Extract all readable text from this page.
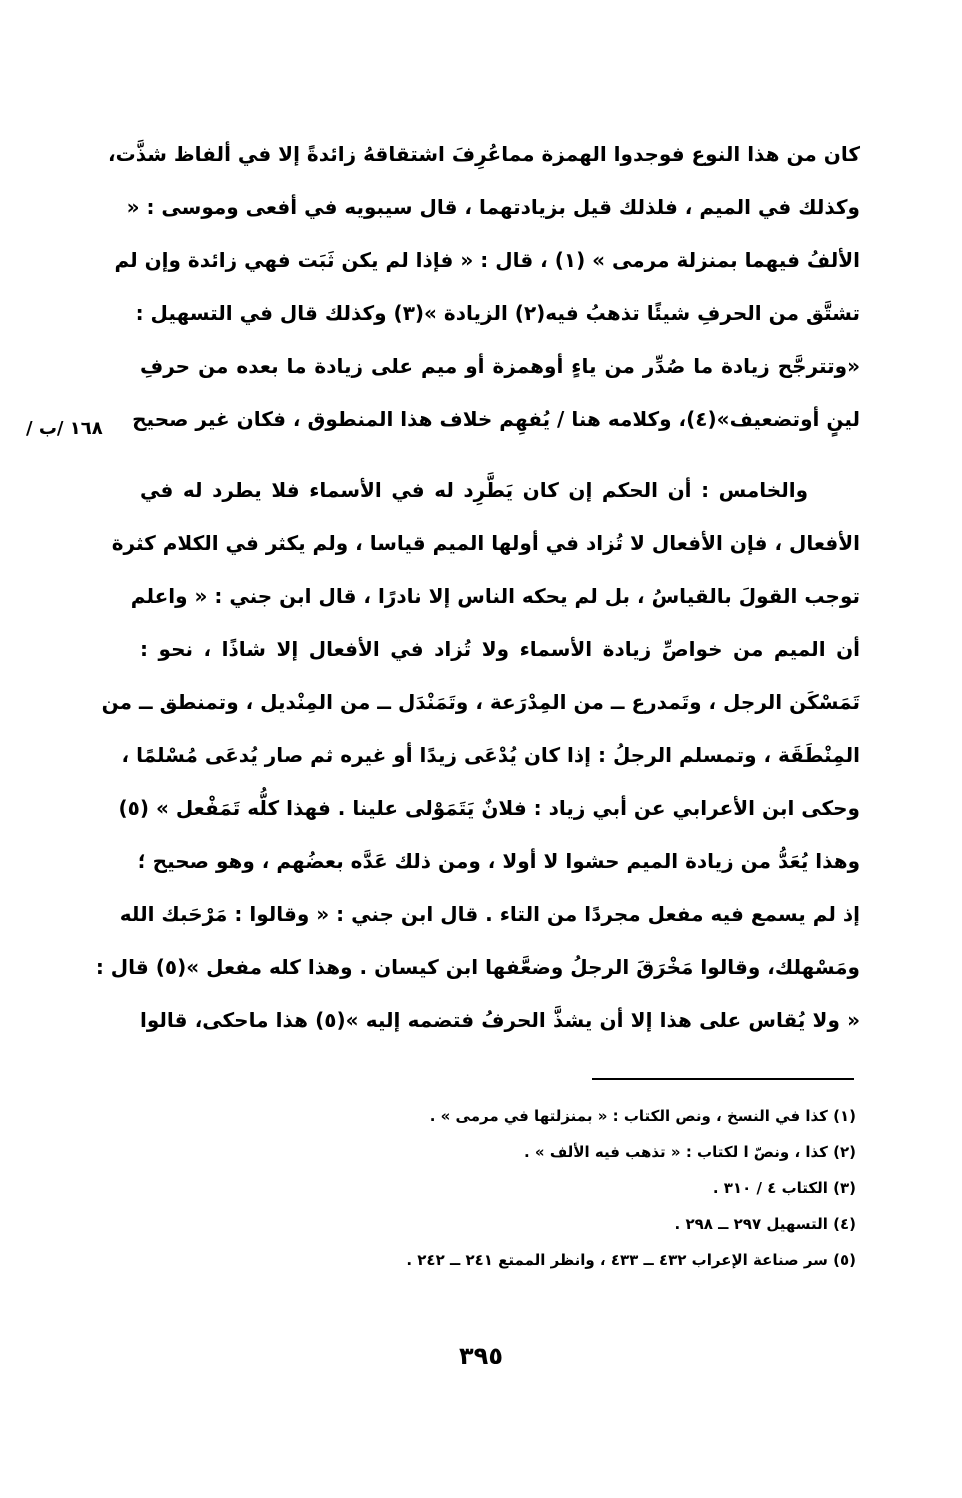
كان من هذا النوع فوجدوا الهمزة مماعُرِفَ اشتقاقهُ زائدةً إلا في ألفاظ شذَّت،
وكذلك في الميم ، فلذلك قيل بزيادتهما ، قال سيبويه في أفعى وموسى : «
الألفُ فيهما بمنزلة مرمى » (١) ، قال : « فإذا لم يكن ثَبَت فهي زائدة وإن لم
تشتَّق من الحرفِ شيئًا تذهبُ فيه(٢) الزيادة »(٣) وكذلك قال في التسهيل :
«وتترجَّح زيادة ما صُدِّر من ياءٍ أوهمزة أو ميم على زيادة ما بعده من حرفِ
لينٍ أوتضعيف»(٤)، وكلامه هنا / يُفهِم خلاف هذا المنطوق ، فكان غير صحيح
١٦٨ /ب /
والخامس : أن الحكم إن كان يَطَّرِد له في الأسماء فلا يطرد له في
الأفعال ، فإن الأفعال لا تُزاد في أولها الميم قياسا ، ولم يكثر في الكلام كثرة
توجب القولَ بالقياسُ ، بل لم يحكه الناس إلا نادرًا ، قال ابن جني : « واعلم
أن الميم من خواصِّ زيادة الأسماء ولا تُزاد في الأفعال إلا شاذًا ، نحو :
تَمَسْكَن الرجل ، وتَمدرع ــ من المِدْرَعة ، وتَمَنْدَل ــ من المِنْديل ، وتمنطق ــ من
المِنْطَقَة ، وتمسلم الرجلُ : إذا كان يُدْعَى زيدًا أو غيره ثم صار يُدعَى مُسْلمًا ،
وحكى ابن الأعرابي عن أبي زياد : فلانٌ يَتَمَوْلى علينا . فهذا كلُّه تَمَفْعل » (٥)
وهذا يُعَدُّ من زيادة الميم حشوا لا أولا ، ومن ذلك عَدَّه بعضُهم ، وهو صحيح ؛
إذ لم يسمع فيه مفعل مجردًا من التاء . قال ابن جني : « وقالوا : مَرْحَبك الله
ومَسْهلك، وقالوا مَخْرَقَ الرجلُ وضعَّفها ابن كيسان . وهذا كله مفعل »(٥) قال :
« ولا يُقاس على هذا إلا أن يشذَّ الحرفُ فتضمه إليه »(٥) هذا ماحكى، قالوا
(١) كذا في النسخ ، ونص الكتاب : « بمنزلتها في مرمى » .
(٢) كذا ، ونصّ ا لكتاب : « تذهب فيه الألف » .
(٣) الكتاب ٤ / ٣١٠ .
(٤) التسهيل ٢٩٧ ــ ٢٩٨ .
(٥) سر صناعة الإعراب ٤٣٢ ــ ٤٣٣ ، وانظر الممتع ٢٤١ ــ ٢٤٢ .
٣٩٥
